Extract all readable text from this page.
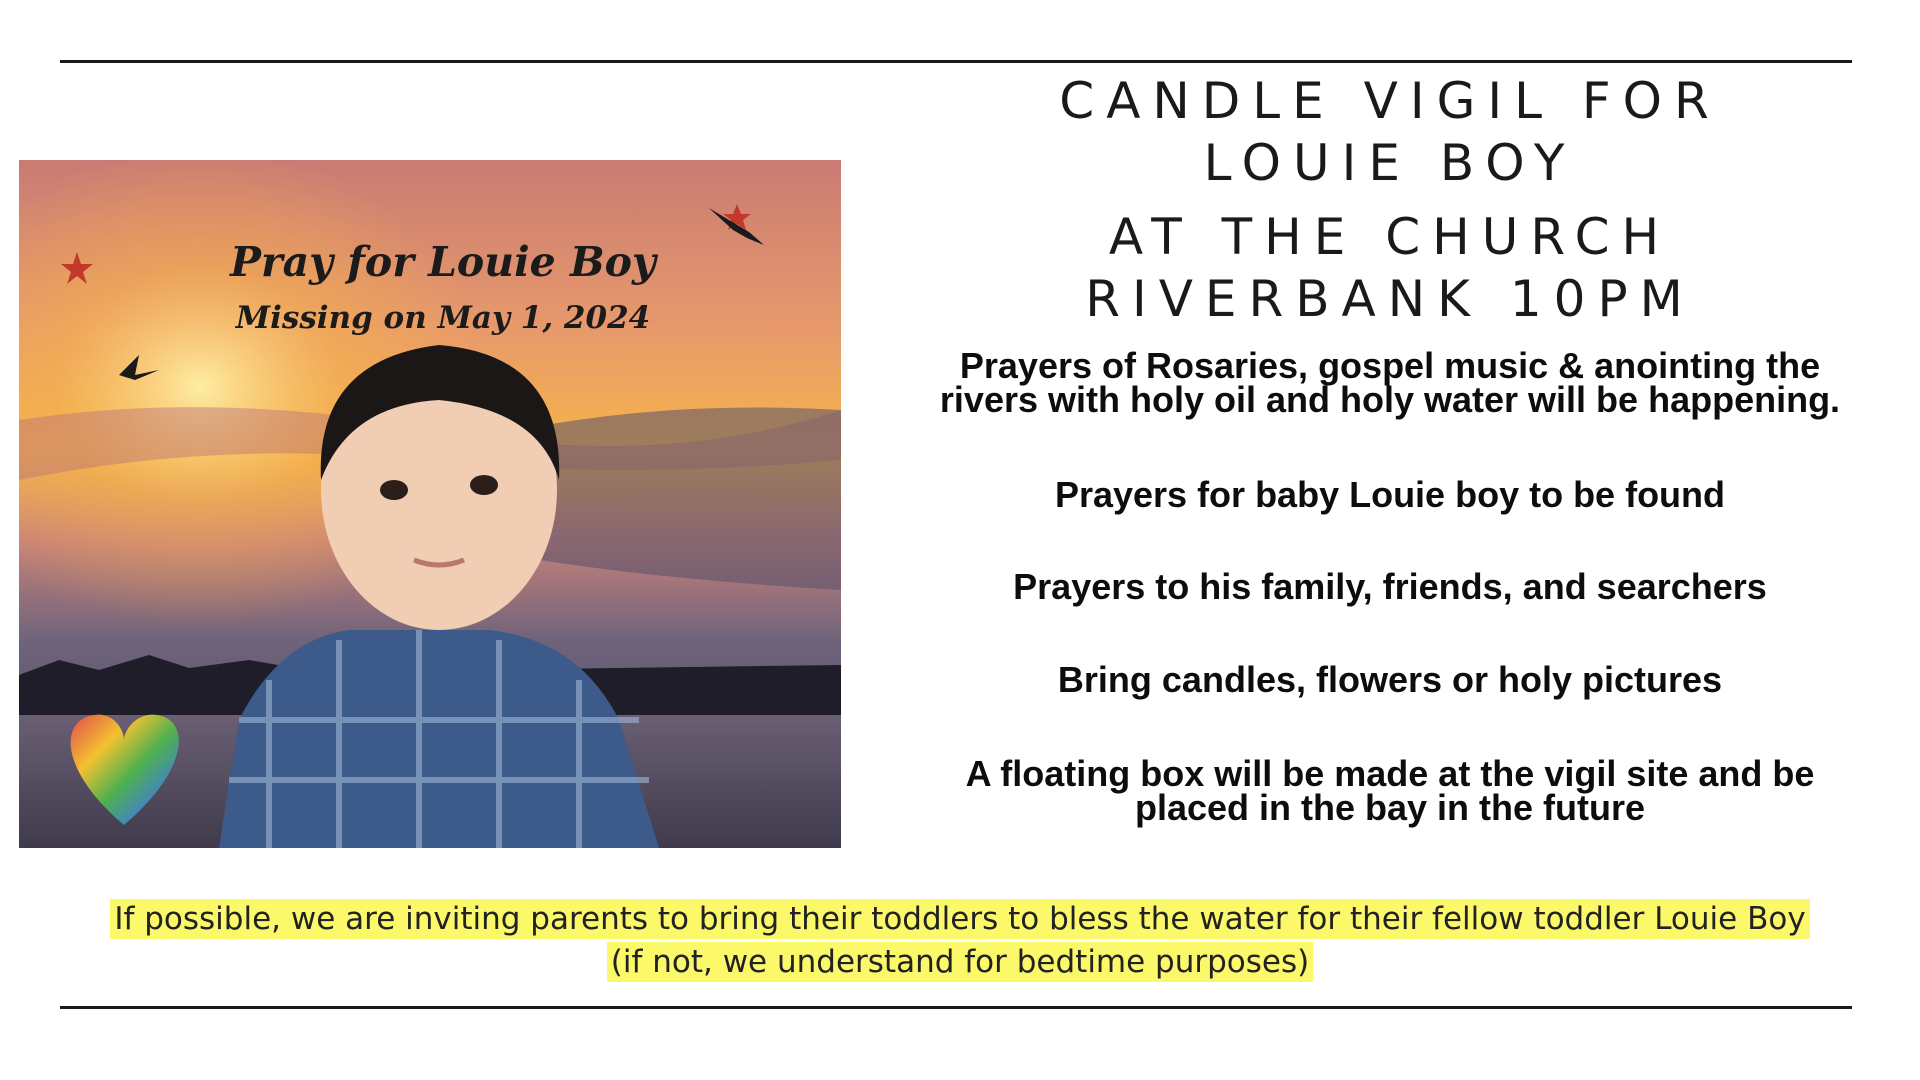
Pray for Louie Boy
Missing on May 1, 2024
CANDLE VIGIL FOR
LOUIE BOY
AT THE CHURCH
RIVERBANK 10PM
Prayers of Rosaries, gospel music & anointing the
rivers with holy oil and holy water will be happening.
Prayers for baby Louie boy to be found
Prayers to his family, friends, and searchers
Bring candles, flowers or holy pictures
A floating box will be made at the vigil site and be
placed in the bay in the future
If possible, we are inviting parents to bring their toddlers to bless the water for their fellow toddler Louie Boy
(if not, we understand for bedtime purposes)
